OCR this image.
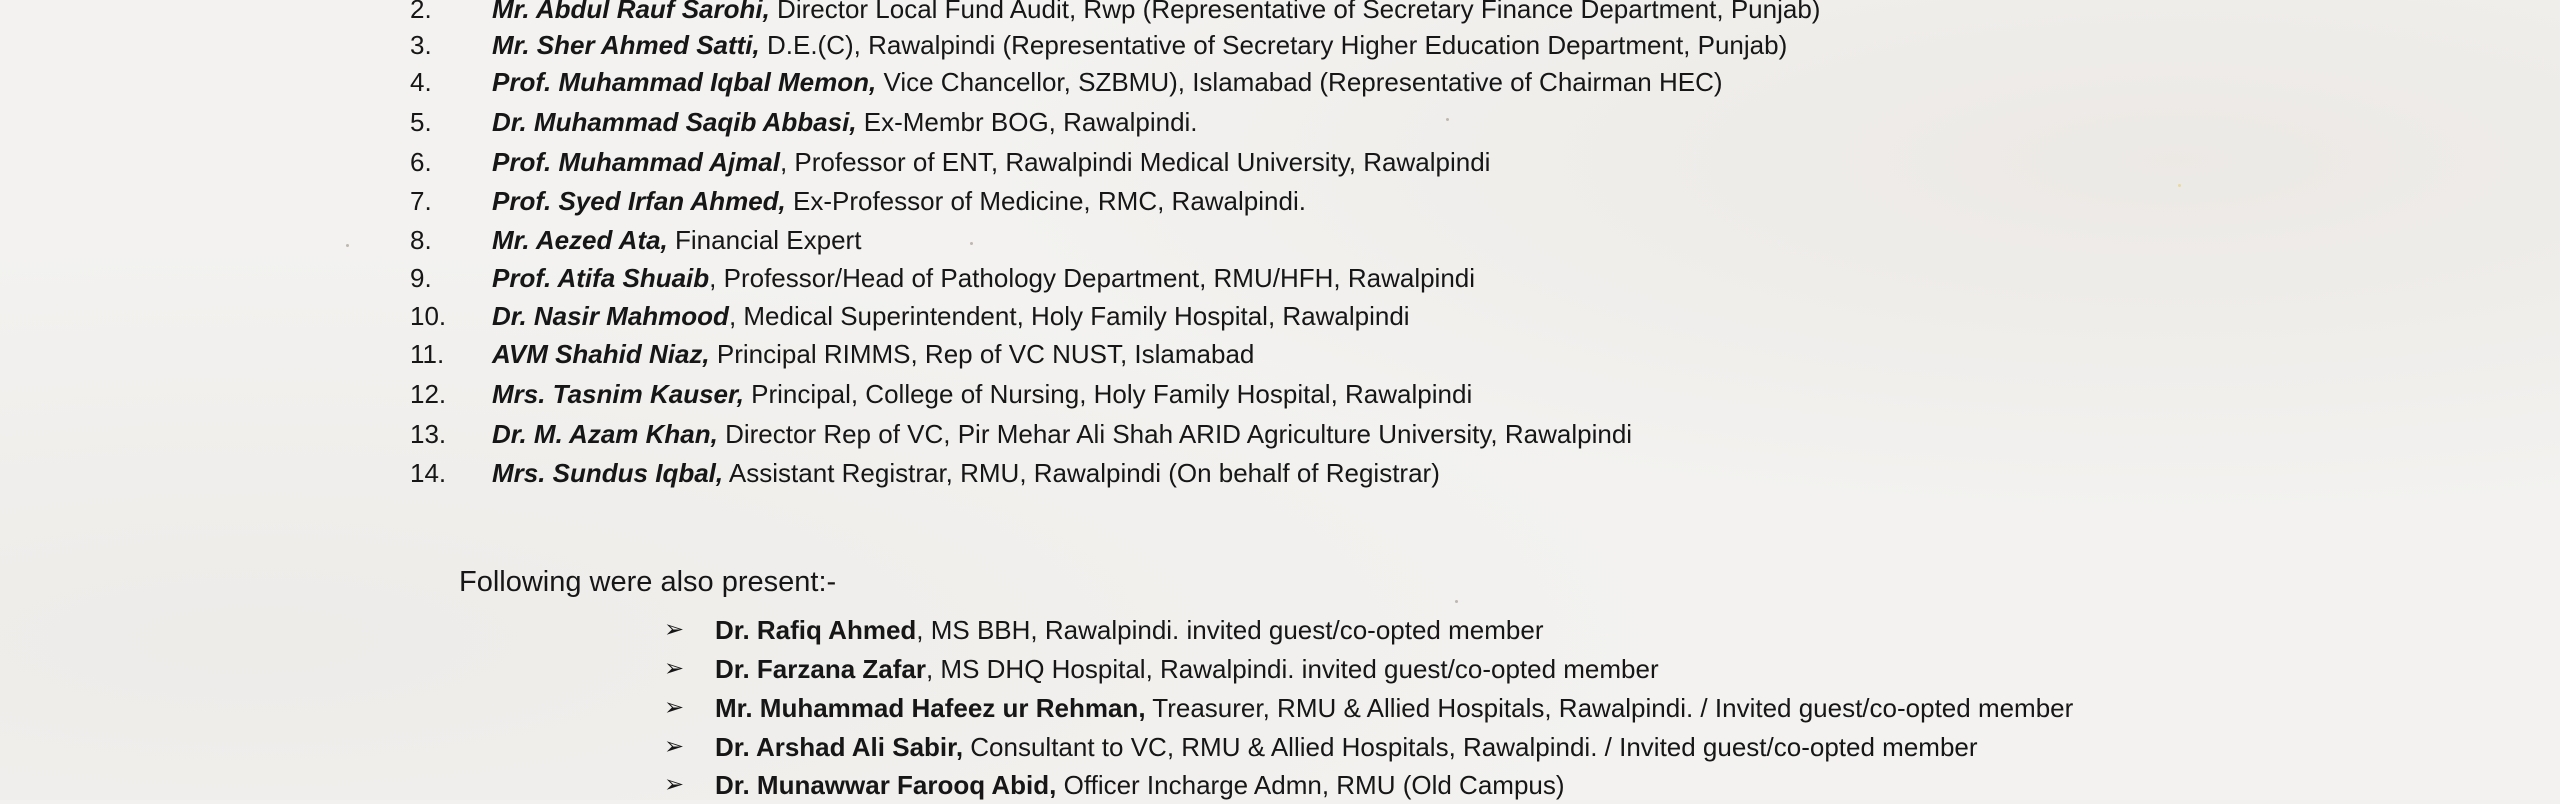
2.	Mr. Abdul Rauf Sarohi, Director Local Fund Audit, Rwp (Representative of Secretary Finance Department, Punjab)
3.	Mr. Sher Ahmed Satti, D.E.(C), Rawalpindi (Representative of Secretary Higher Education Department, Punjab)
4.	Prof. Muhammad Iqbal Memon, Vice Chancellor, SZBMU), Islamabad (Representative of Chairman HEC)
5.	Dr. Muhammad Saqib Abbasi, Ex-Membr BOG, Rawalpindi.
6.	Prof. Muhammad Ajmal, Professor of ENT, Rawalpindi Medical University, Rawalpindi
7.	Prof. Syed Irfan Ahmed, Ex-Professor of Medicine, RMC, Rawalpindi.
8.	Mr. Aezed Ata, Financial Expert
9.	Prof. Atifa Shuaib, Professor/Head of Pathology Department, RMU/HFH, Rawalpindi
10.	Dr. Nasir Mahmood, Medical Superintendent, Holy Family Hospital, Rawalpindi
11.	AVM Shahid Niaz, Principal RIMMS, Rep of VC NUST, Islamabad
12.	Mrs. Tasnim Kauser, Principal, College of Nursing, Holy Family Hospital, Rawalpindi
13.	Dr. M. Azam Khan, Director Rep of VC, Pir Mehar Ali Shah ARID Agriculture University, Rawalpindi
14.	Mrs. Sundus Iqbal, Assistant Registrar, RMU, Rawalpindi (On behalf of Registrar)
Following were also present:-
➢ Dr. Rafiq Ahmed, MS BBH, Rawalpindi. invited guest/co-opted member
➢ Dr. Farzana Zafar, MS DHQ Hospital, Rawalpindi. invited guest/co-opted member
➢ Mr. Muhammad Hafeez ur Rehman, Treasurer, RMU & Allied Hospitals, Rawalpindi. / Invited guest/co-opted member
➢ Dr. Arshad Ali Sabir, Consultant to VC, RMU & Allied Hospitals, Rawalpindi. / Invited guest/co-opted member
➢ Dr. Munawwar Farooq Abid, Officer Incharge Admn, RMU (Old Campus)
